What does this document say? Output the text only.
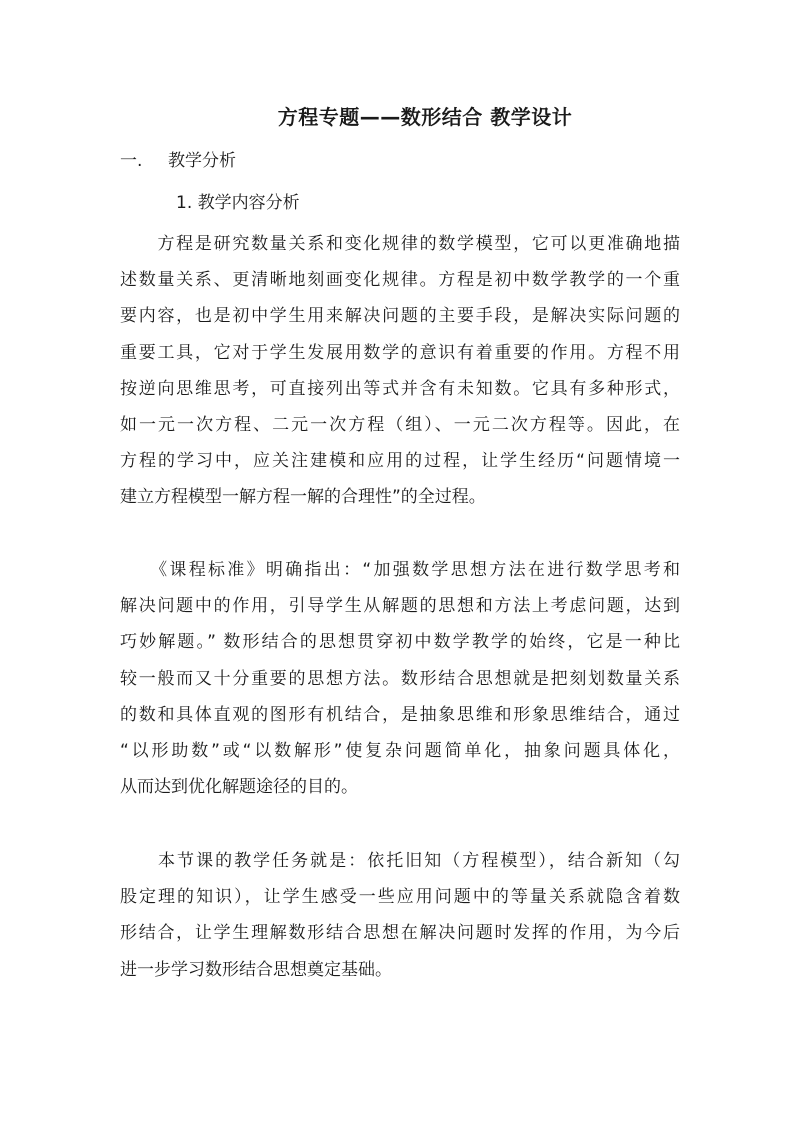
方程专题——数形结合 教学设计
一. 教学分析
1. 教学内容分析
　　方程是研究数量关系和变化规律的数学模型，它可以更准确地描
述数量关系、更清晰地刻画变化规律。方程是初中数学教学的一个重
要内容，也是初中学生用来解决问题的主要手段，是解决实际问题的
重要工具，它对于学生发展用数学的意识有着重要的作用。方程不用
按逆向思维思考，可直接列出等式并含有未知数。它具有多种形式，
如一元一次方程、二元一次方程（组）、一元二次方程等。因此，在
方程的学习中，应关注建模和应用的过程，让学生经历“问题情境一
建立方程模型一解方程一解的合理性”的全过程。
　　《课程标准》明确指出：“加强数学思想方法在进行数学思考和
解决问题中的作用，引导学生从解题的思想和方法上考虑问题，达到
巧妙解题。” 数形结合的思想贯穿初中数学教学的始终，它是一种比
较一般而又十分重要的思想方法。数形结合思想就是把刻划数量关系
的数和具体直观的图形有机结合，是抽象思维和形象思维结合，通过
“以形助数”或“以数解形”使复杂问题简单化，抽象问题具体化，
从而达到优化解题途径的目的。
　　本节课的教学任务就是：依托旧知（方程模型），结合新知（勾
股定理的知识），让学生感受一些应用问题中的等量关系就隐含着数
形结合，让学生理解数形结合思想在解决问题时发挥的作用，为今后
进一步学习数形结合思想奠定基础。
